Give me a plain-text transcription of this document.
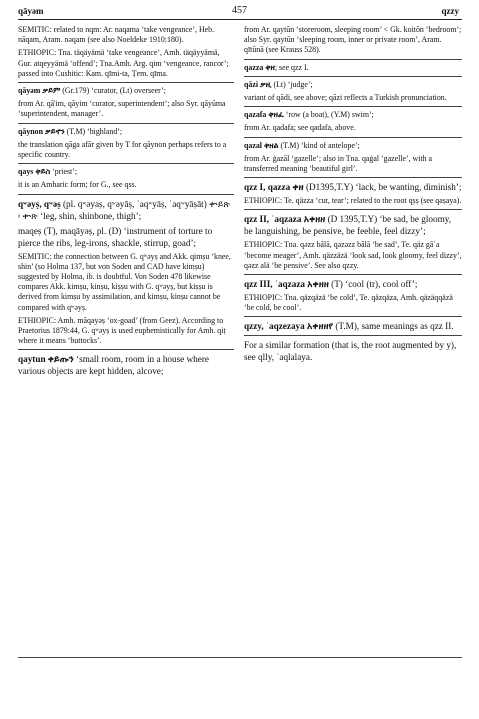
qāyəm	457	qzzy
SEMITIC: related to nqm: Ar. naqama ‘take vengeance’, Heb. nāqam, Aram. nəqam (see also Noeldeke 1910:180).
ETHIOPIC: Tna. täqäyämä ‘take vengeance’, Amh. täqäyyämä, Gur. atqeyyämä ‘offend’; Tna.Amh. Arg. qim ‘vengeance, rancor’; passed into Cushitic: Kam. qīmi-ta, Ṭem. qīma.
qāyəm ቃይም (Gr.179) ‘curator, (Lt) overseer’;
from Ar. qā'im, qāyim ‘curator, superintendent’; also Syr. qāyūma ‘superintendent, manager’.
qāynon ቃይኖን (T.M) ‘highland’;
the translation qāga afār given by T for qāynon perhaps refers to a specific country.
qays ቀይስ ‘priest’;
it is an Amharic form; for G., see qss.
qʷəyṣ, qʷəṣ (pl. qʷəyaṣ, qʷəyāṣ, ʾaqʷyāṣ, ʾaqʷyāṣāt) ቍይጽ ፡ ቍጽ ‘leg, shin, shinbone, thigh’;
maqeṣ (T), maqāyəṣ, pl. (D) ‘instrument of torture to pierce the ribs, leg-irons, shackle, stirrup, goad’;
SEMITIC: the connection between G. qʷəyṣ and Akk. qimṣu ‘knee, shin’ (so Holma 137, but von Soden and CAD have kimṣu) suggested by Holma, ib. is doubtful. Von Soden 478 likewise compares Akk. kimṣu, kinṣu, kiṣṣu with G. qʷəyṣ, but kiṣṣu is derived from kimṣu by assimilation, and kimṣu, kinṣu cannot be compared with qʷəyṣ.
ETHIOPIC: Amh. māqayəṣ ‘ox-goad’ (from Geez). According to Praetorius 1879:44, G. qʷəyṣ is used euphemistically for Amh. qiṭ where it means ‘buttocks’.
qaytun ቀይጡን ‘small room, room in a house where various objects are kept hidden, alcove;
from Ar. qaytūn ‘storeroom, sleeping room’ < Gk. koitōn ‘bedroom’; also Syr. qaytūn ‘sleeping room, inner or private room’, Aram. qītūnā (see Krauss 528).
qazza ቀዘ; see qzz I.
qāzi ቃዚ (Lt) ‘judge’;
variant of qādi, see above; qāzi reflects a Turkish pronunciation.
qazafa ቀዘፈ ‘row (a boat), (Y.M) swim’;
from Ar. qadafa; see qadafa, above.
qazal ቀዘል (T.M) ‘kind of antelope’;
from Ar. ġazāl ‘gazelle’; also in Tna. qaġal ‘gazelle’, with a transferred meaning ‘beautiful girl’.
qzz I, qazza ቀዘ (D1395,T.Y) ‘lack, be wanting, diminish’;
ETHIOPIC: Te. qäzza ‘cut, tear’; related to the root qṣṣ (see qaṣaya).
qzz II, ʾaqzaza አቀዘዘ (D 1395,T.Y) ‘be sad, be gloomy, be languishing, be pensive, be feeble, feel dizzy’;
ETHIOPIC: Tna. qəzz bālā, qəzəzz bālā ‘be sad’, Te. qäz gāʿa ‘become meager’, Amh. qäzzäzä ‘look sad, look gloomy, feel dizzy’, qəzz alä ‘be pensive’. See also qzzy.
qzz III, ʾaqzaza አቀዘዘ (T) ‘cool (tr), cool off’;
ETHIOPIC: Tna. qäzqäzä ‘be cold’, Te. qäzqäza, Amh. qäzäqqäzä ‘be cold, be cool’.
qzzy, ʾaqzezaya አቀዘዘየ (T.M), same meanings as qzz II.
For a similar formation (that is, the root augmented by y), see qlly, ʾaqlalaya.
